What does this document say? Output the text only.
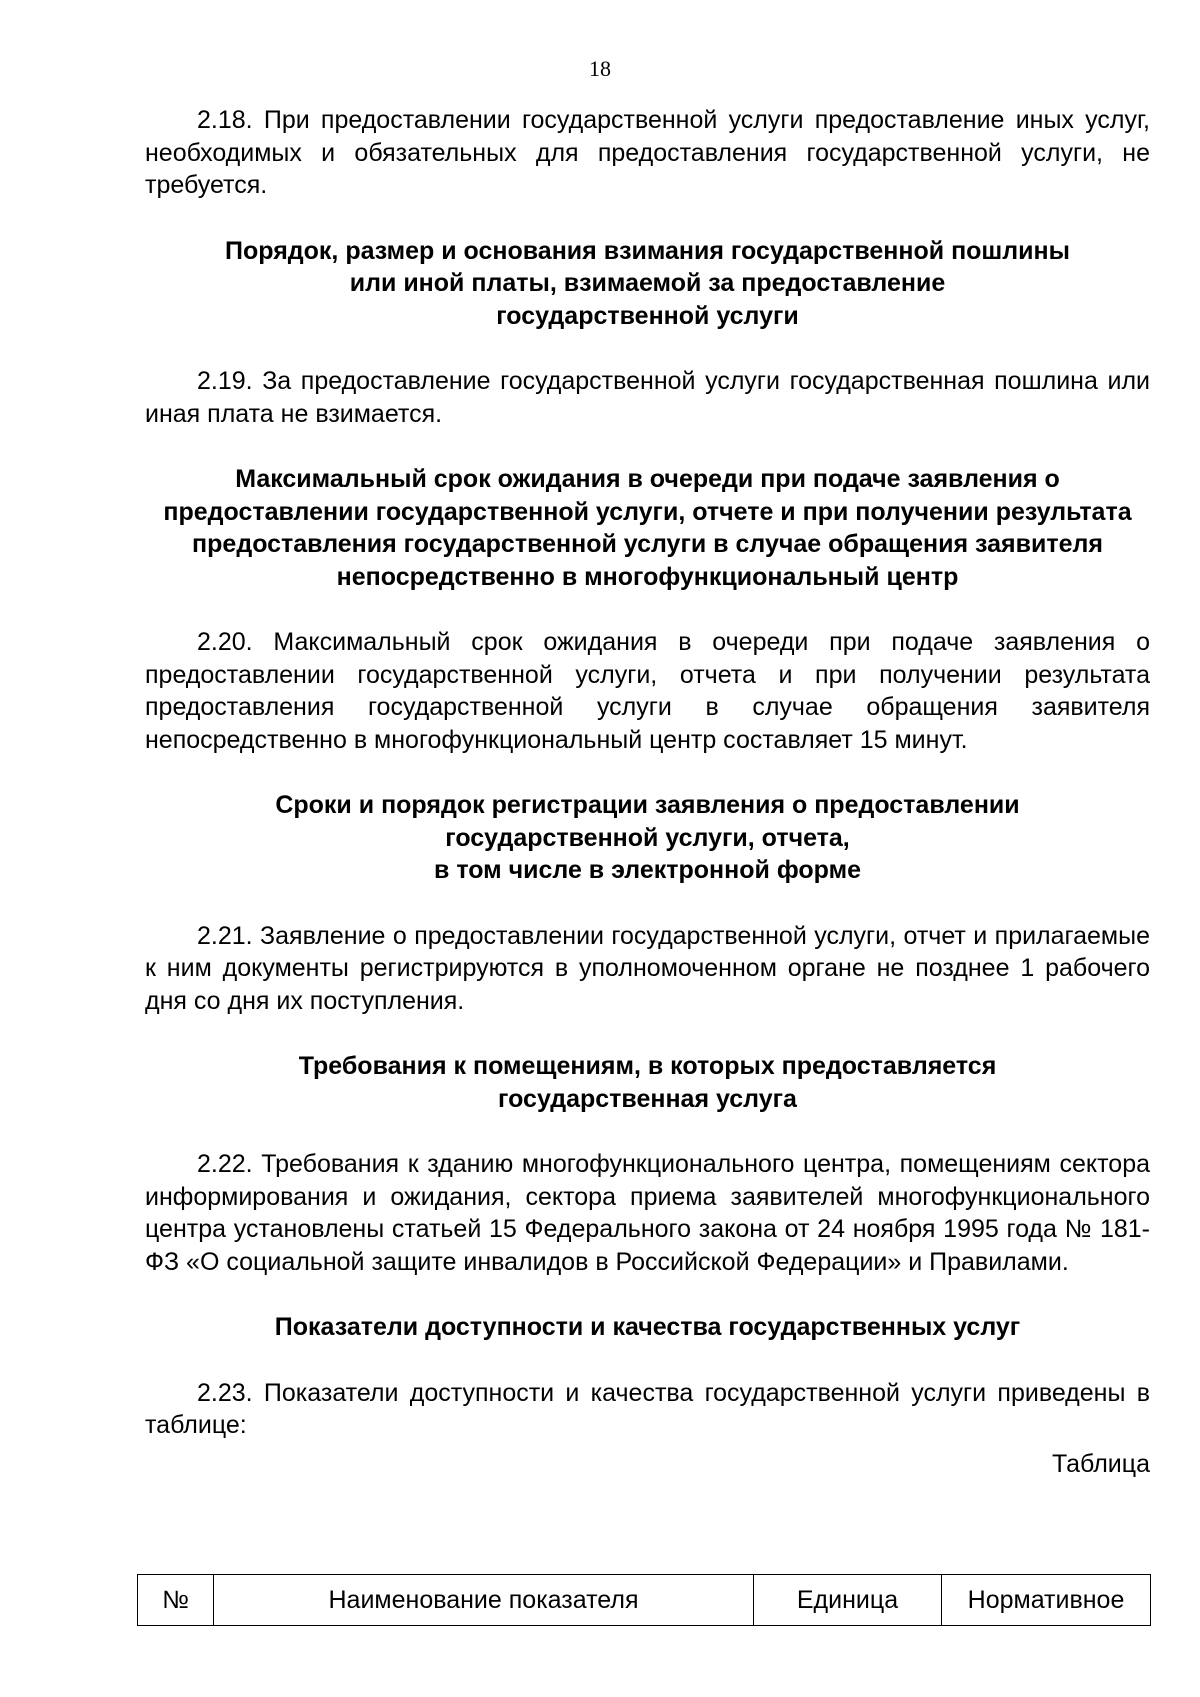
18

2.18. При предоставлении государственной услуги предоставление иных услуг, необходимых и обязательных для предоставления государственной услуги, не требуется.

Порядок, размер и основания взимания государственной пошлины
или иной платы, взимаемой за предоставление
государственной услуги

2.19. За предоставление государственной услуги государственная пошлина или иная плата не взимается.

Максимальный срок ожидания в очереди при подаче заявления о предоставлении государственной услуги, отчете и при получении результата предоставления государственной услуги в случае обращения заявителя непосредственно в многофункциональный центр

2.20. Максимальный срок ожидания в очереди при подаче заявления о предоставлении государственной услуги, отчета и при получении результата предоставления государственной услуги в случае обращения заявителя непосредственно в многофункциональный центр составляет 15 минут.

Сроки и порядок регистрации заявления о предоставлении
государственной услуги, отчета,
в том числе в электронной форме

2.21. Заявление о предоставлении государственной услуги, отчет и прилагаемые к ним документы регистрируются в уполномоченном органе не позднее 1 рабочего дня со дня их поступления.

Требования к помещениям, в которых предоставляется
государственная услуга

2.22. Требования к зданию многофункционального центра, помещениям сектора информирования и ожидания, сектора приема заявителей многофункционального центра установлены статьей 15 Федерального закона от 24 ноября 1995 года № 181-ФЗ «О социальной защите инвалидов в Российской Федерации» и Правилами.

Показатели доступности и качества государственных услуг

2.23. Показатели доступности и качества государственной услуги приведены в таблице:

Таблица

№	Наименование показателя	Единица	Нормативное
